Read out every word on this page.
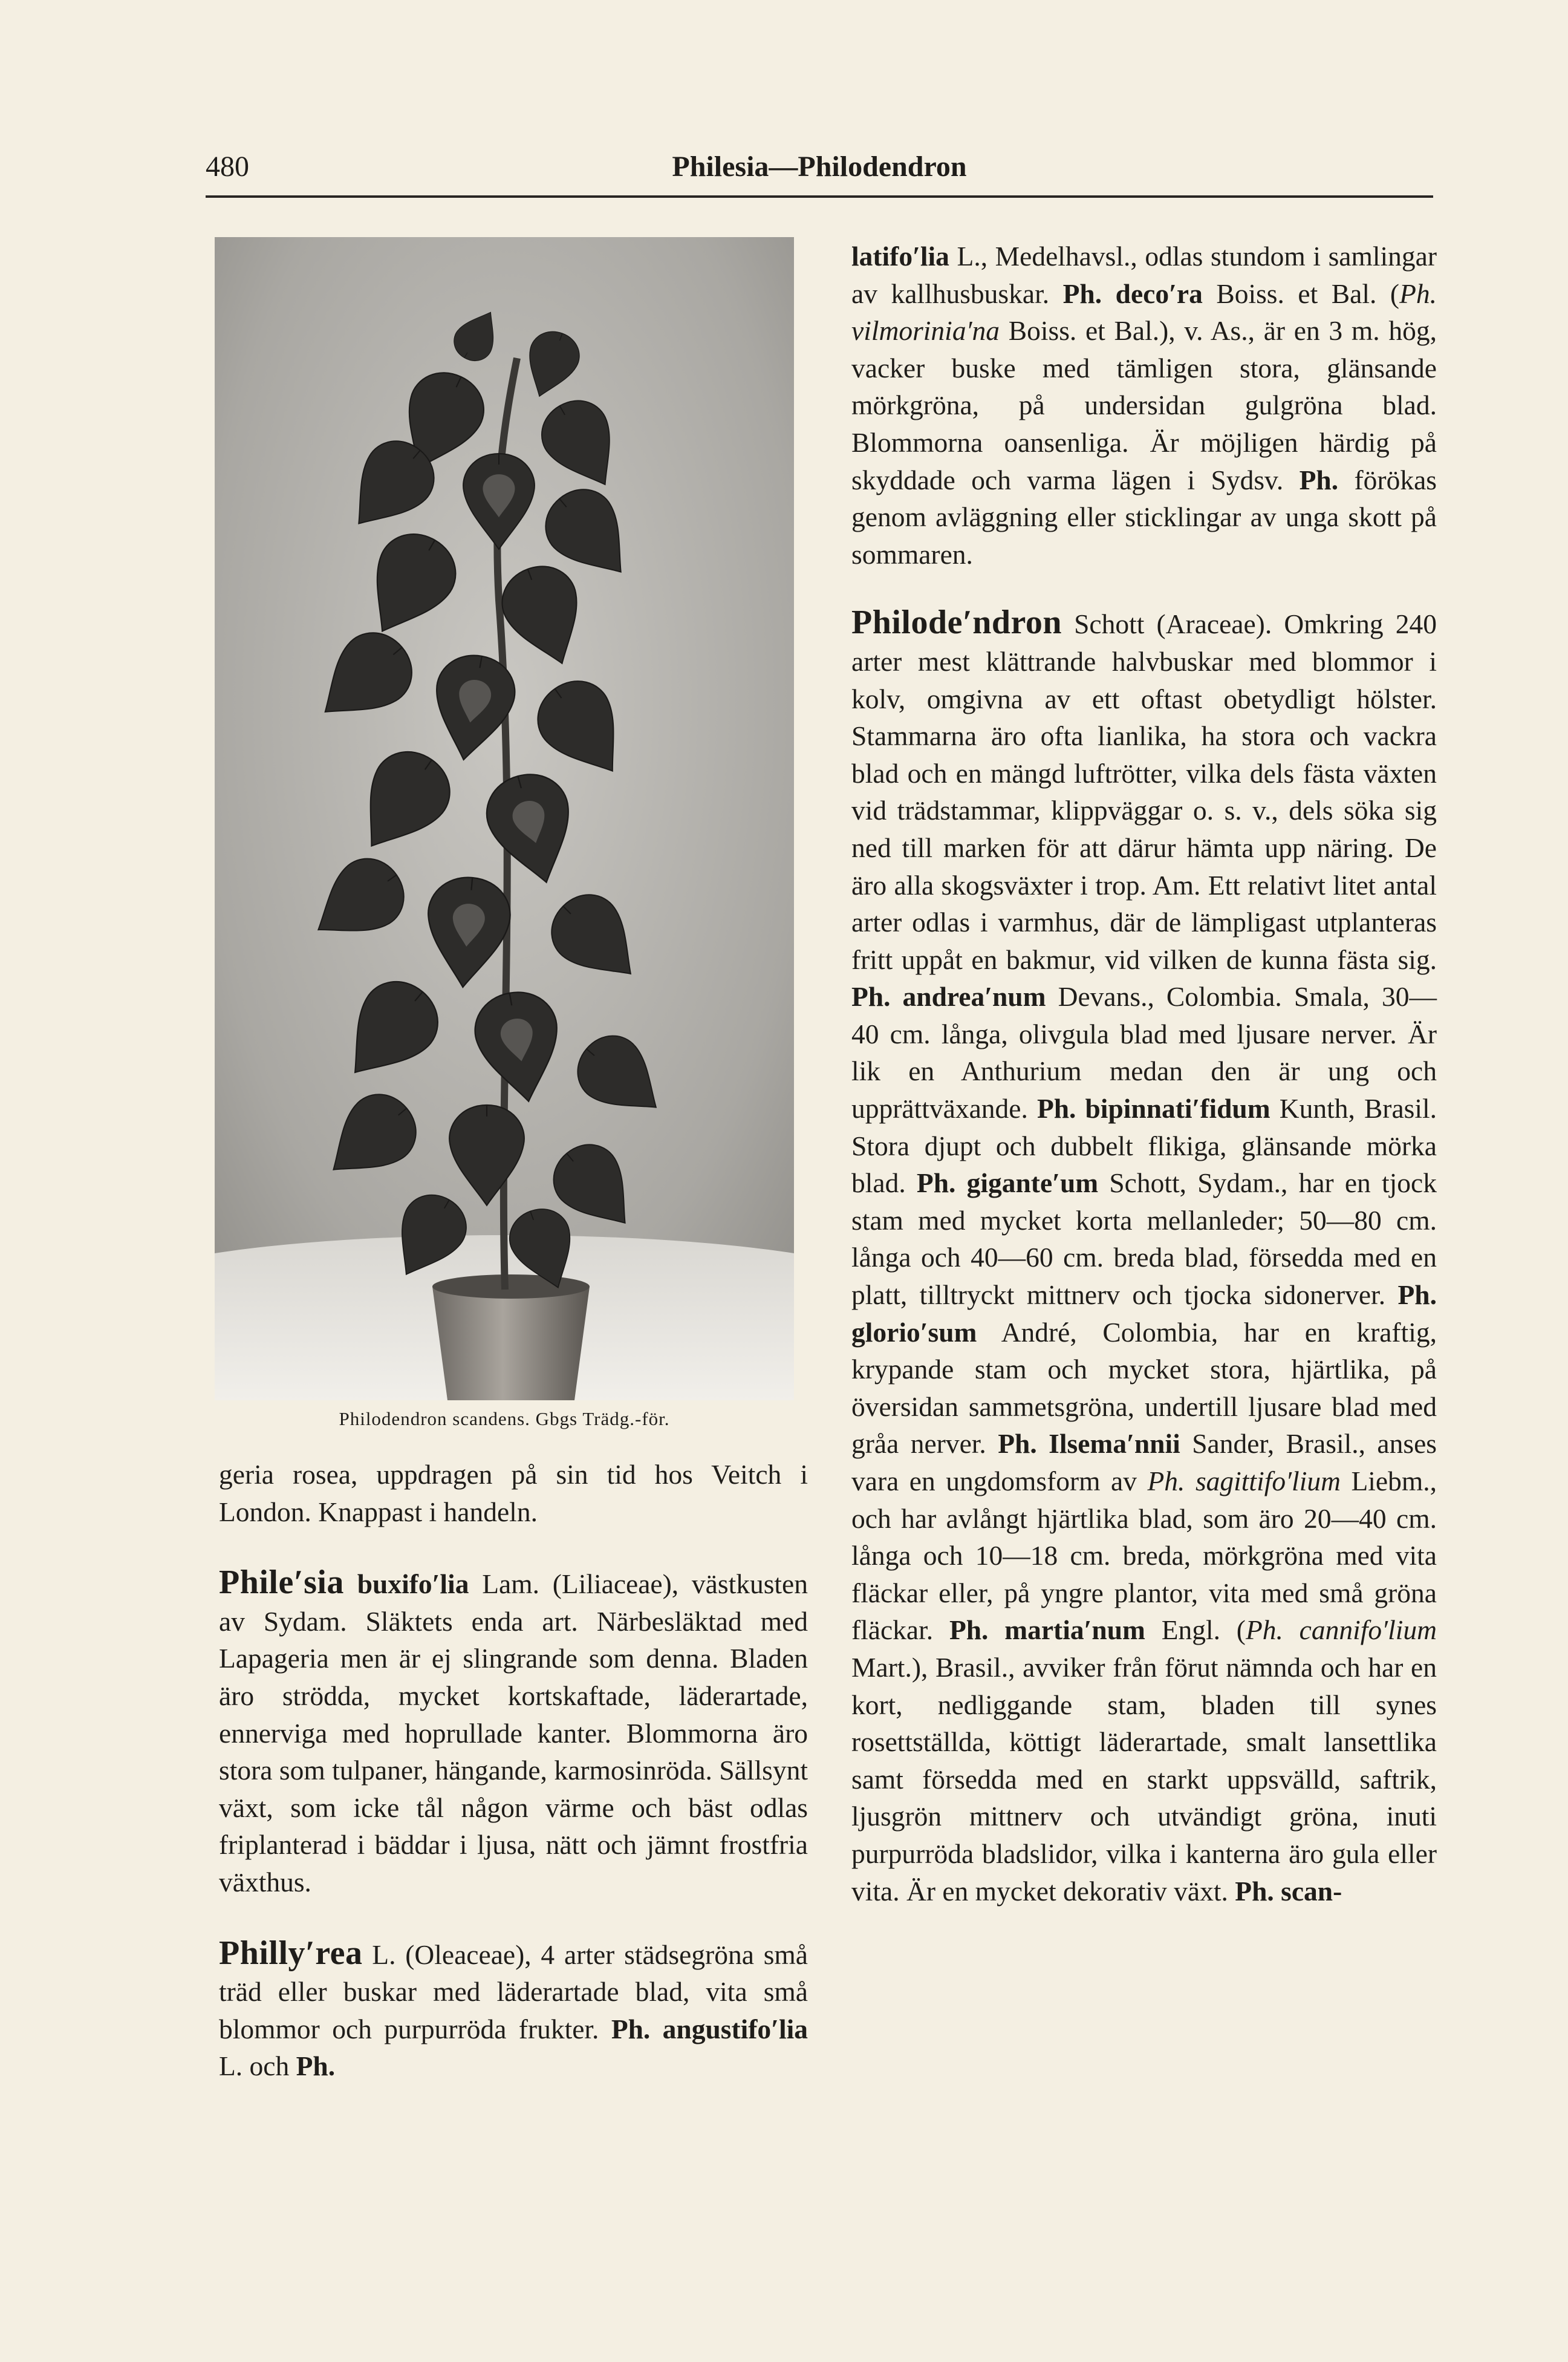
480	Philesia—Philodendron
Philodendron scandens. Gbgs Trädg.-för.

geria rosea, uppdragen på sin tid hos Veitch i London. Knappast i handeln.

Phile′sia buxifo′lia Lam. (Liliaceae), västkusten av Sydam. Släktets enda art. Närbesläktad med Lapageria men är ej slingrande som denna. Bladen äro strödda, mycket kortskaftade, läderartade, ennerviga med hoprullade kanter. Blommorna äro stora som tulpaner, hängande, karmosinröda. Sällsynt växt, som icke tål någon värme och bäst odlas friplanterad i bäddar i ljusa, nätt och jämnt frostfria växthus.

Philly′rea L. (Oleaceae), 4 arter städsegröna små träd eller buskar med läderartade blad, vita små blommor och purpurröda frukter. Ph. angustifo′lia L. och Ph.

latifo′lia L., Medelhavsl., odlas stundom i samlingar av kallhusbuskar. Ph. deco′ra Boiss. et Bal. (Ph. vilmorinia′na Boiss. et Bal.), v. As., är en 3 m. hög, vacker buske med tämligen stora, glänsande mörkgröna, på undersidan gulgröna blad. Blommorna oansenliga. Är möjligen härdig på skyddade och varma lägen i Sydsv. Ph. förökas genom avläggning eller sticklingar av unga skott på sommaren.

Philode′ndron Schott (Araceae). Omkring 240 arter mest klättrande halvbuskar med blommor i kolv, omgivna av ett oftast obetydligt hölster. Stammarna äro ofta lianlika, ha stora och vackra blad och en mängd luftrötter, vilka dels fästa växten vid trädstammar, klippväggar o. s. v., dels söka sig ned till marken för att därur hämta upp näring. De äro alla skogsväxter i trop. Am. Ett relativt litet antal arter odlas i varmhus, där de lämpligast utplanteras fritt uppåt en bakmur, vid vilken de kunna fästa sig. Ph. andrea′num Devans., Colombia. Smala, 30—40 cm. långa, olivgula blad med ljusare nerver. Är lik en Anthurium medan den är ung och upprättväxande. Ph. bipinnati′fidum Kunth, Brasil. Stora djupt och dubbelt flikiga, glänsande mörka blad. Ph. gigante′um Schott, Sydam., har en tjock stam med mycket korta mellanleder; 50—80 cm. långa och 40—60 cm. breda blad, försedda med en platt, tilltryckt mittnerv och tjocka sidonerver. Ph. glorio′sum André, Colombia, har en kraftig, krypande stam och mycket stora, hjärtlika, på översidan sammetsgröna, undertill ljusare blad med gråa nerver. Ph. Ilsema′nnii Sander, Brasil., anses vara en ungdomsform av Ph. sagittifo′lium Liebm., och har avlångt hjärtlika blad, som äro 20—40 cm. långa och 10—18 cm. breda, mörkgröna med vita fläckar eller, på yngre plantor, vita med små gröna fläckar. Ph. martia′num Engl. (Ph. cannifo′lium Mart.), Brasil., avviker från förut nämnda och har en kort, nedliggande stam, bladen till synes rosettställda, köttigt läderartade, smalt lansettlika samt försedda med en starkt uppsvälld, saftrik, ljusgrön mittnerv och utvändigt gröna, inuti purpurröda bladslidor, vilka i kanterna äro gula eller vita. Är en mycket dekorativ växt. Ph. scan-
